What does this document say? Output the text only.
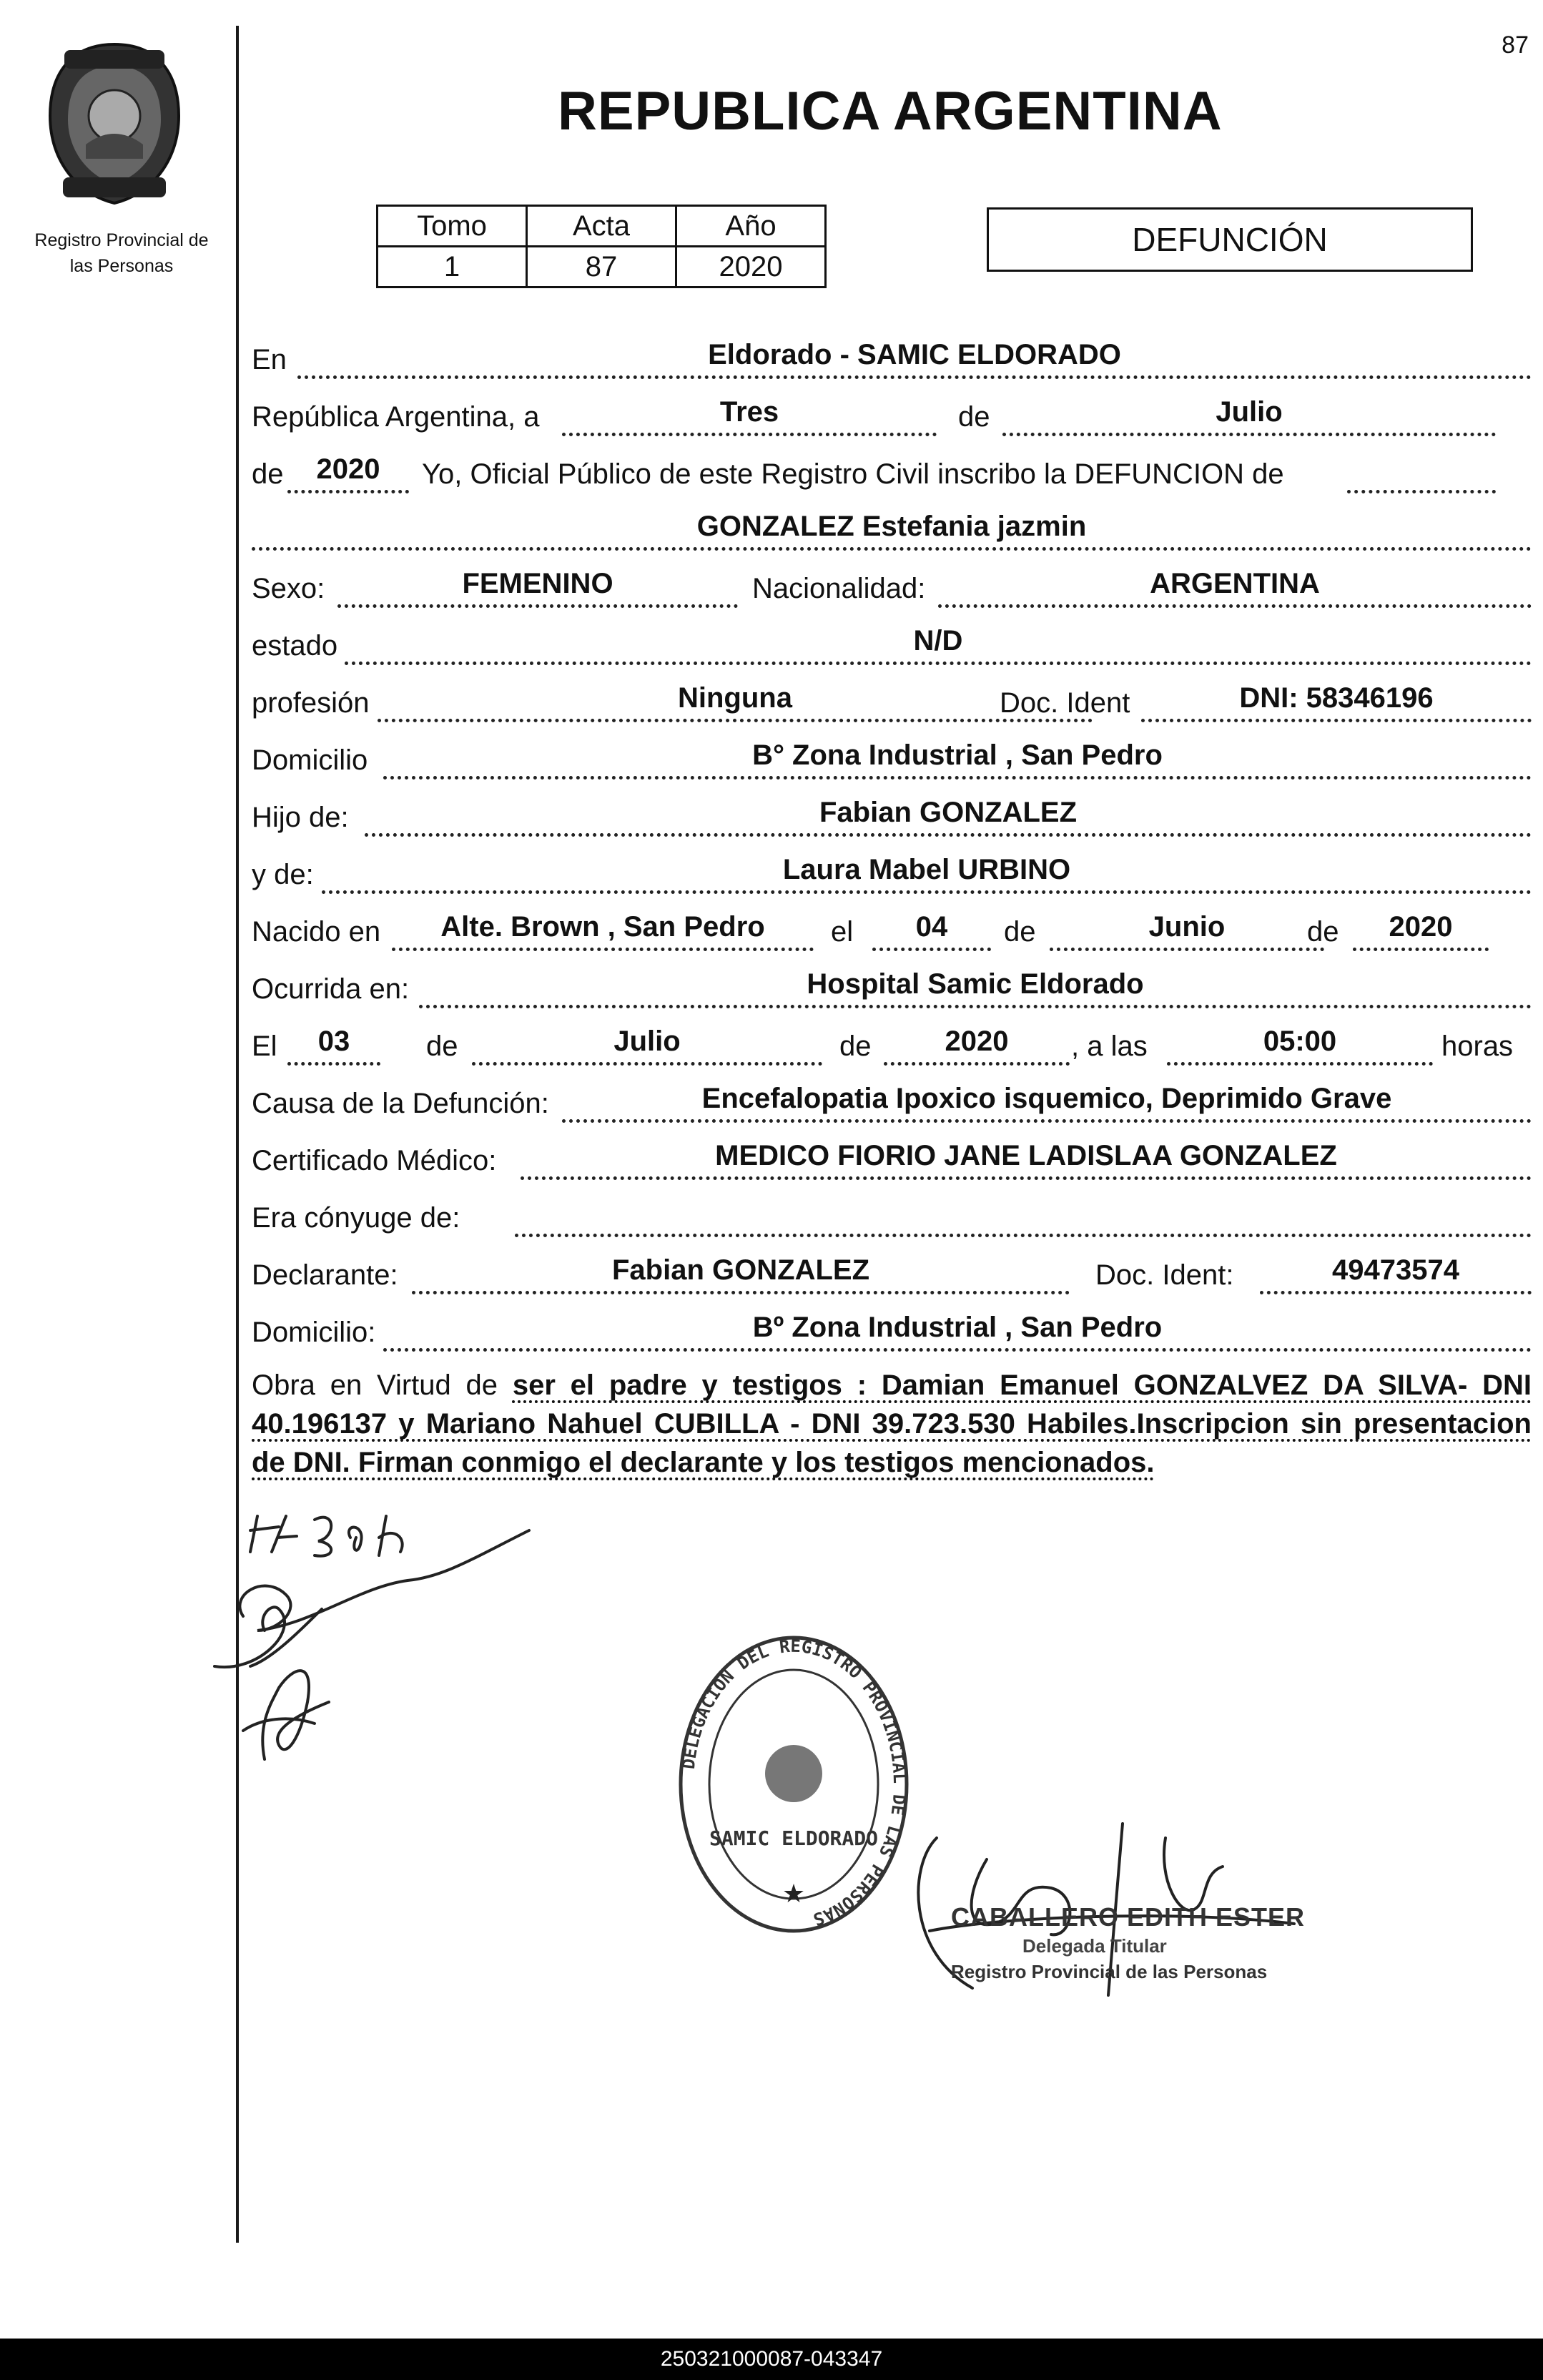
87
Registro Provincial de
las Personas
REPUBLICA ARGENTINA
Tomo	Acta	Año
1	87	2020
DEFUNCIÓN
En	Eldorado - SAMIC ELDORADO
República Argentina, a	Tres	de	Julio
de	2020	Yo, Oficial Público de este Registro Civil inscribo la DEFUNCION de
GONZALEZ Estefania jazmin
Sexo:	FEMENINO	Nacionalidad:	ARGENTINA
estado	N/D
profesión	Ninguna	Doc. Ident	DNI: 58346196
Domicilio	B° Zona Industrial , San Pedro
Hijo de:	Fabian GONZALEZ
y de:	Laura Mabel URBINO
Nacido en	Alte. Brown , San Pedro	el	04	de	Junio	de	2020
Ocurrida en:	Hospital Samic Eldorado
El	03	de	Julio	de	2020	, a las	05:00	horas
Causa de la Defunción:	Encefalopatia Ipoxico isquemico, Deprimido Grave
Certificado Médico:	MEDICO FIORIO JANE LADISLAA GONZALEZ
Era cónyuge de:
Declarante:	Fabian GONZALEZ	Doc. Ident:	49473574
Domicilio:	Bº Zona Industrial , San Pedro
Obra en Virtud de ser el padre y testigos : Damian Emanuel GONZALVEZ DA SILVA- DNI 40.196137 y Mariano Nahuel CUBILLA - DNI 39.723.530 Habiles.Inscripcion sin presentacion de DNI. Firman conmigo el declarante y los testigos mencionados.
DELEGACION DEL REGISTRO PROVINCIAL DE LAS PERSONAS
SAMIC ELDORADO
★
CABALLERO EDITH ESTER
Delegada Titular
Registro Provincial de las Personas
250321000087-043347
